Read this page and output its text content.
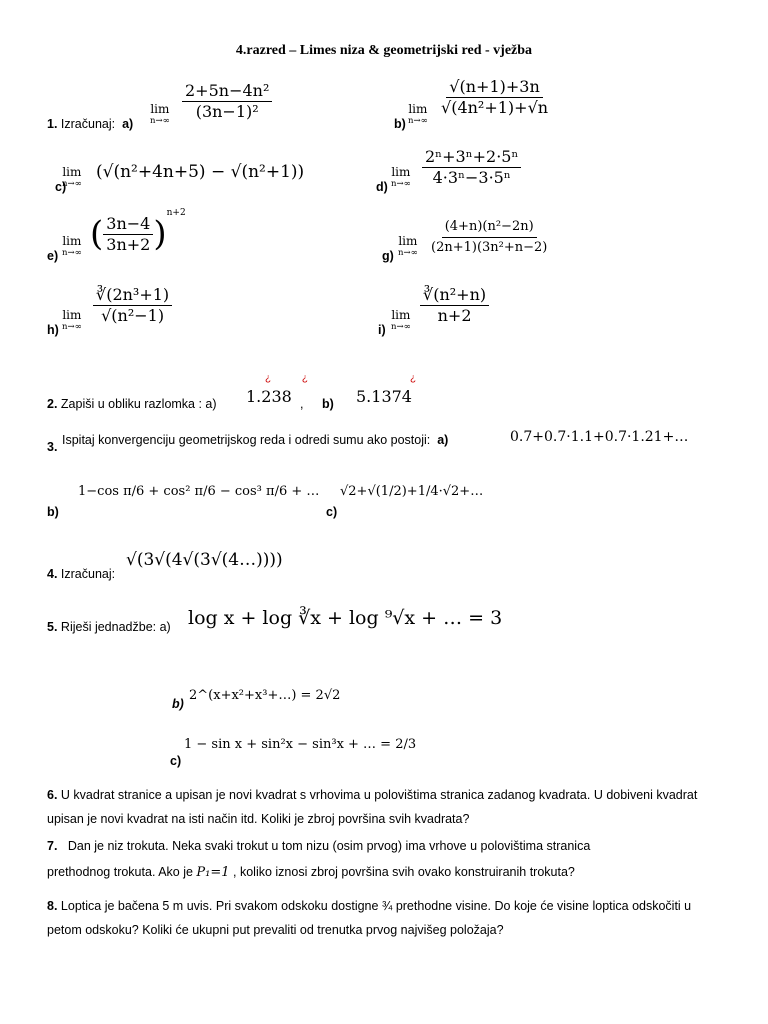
4.razred – Limes niza & geometrijski red - vježba
1. Izračunaj: a)
lim
$n\to\infty \frac{\text{2+5n−4n²}}{\text{(3n−1)²}}$
b)
lim
n→∞
$\frac{√(n+1)+3n}{\text{√(4n²+1)+√n}}$
c)
lim
n→∞
(√(n²+4n+5) − √(n²+1))
d)
lim
$n\to\infty \frac{\text{2ⁿ+3ⁿ+2·5ⁿ}}{\text{4·3ⁿ−3·5ⁿ}}$
e)
lim
n→∞ ( $\frac{3n-4}{3n+2} )^{n+2}$
g)
lim
$n\to\infty \frac{\text{(4+n)(n²−2n)}}{\text{(2n+1)(3n²+n−2)}}$
h)
lim
n→∞
$\frac{\text{∛(2n³+1)}}{\text{√(n²−1)}}$
i)
lim
n→∞
$\frac{\text{∛(n²+n)}}{n+2}$
2. Zapiši u obliku razlomka : a)
¿ ¿
1.238 , b)
¿
5.1374
3. Ispitaj konvergenciju geometrijskog reda i odredi sumu ako postoji: a)	0.7+0.7·1.1+0.7·1.21+…
b)
1−cos π/6 + cos² π/6 − cos³ π/6 + …
c)
√2+√(1/2)+1/4·√2+…
4. Izračunaj:
√(3√(4√(3√(4…))))
5. Riješi jednadžbe: a) log x + log ∛x + log ⁹√x + … = 3
b)
2^(x+x²+x³+…) = 2√2
c)
1 − sin x + sin²x − sin³x + … = 2/3
6. U kvadrat stranice a upisan je novi kvadrat s vrhovima u polovištima stranica zadanog kvadrata. U dobiveni kvadrat upisan je novi kvadrat na isti način itd. Koliki je zbroj površina svih kvadrata?
7. Dan je niz trokuta. Neka svaki trokut u tom nizu (osim prvog) ima vrhove u polovištima stranica
prethodnog trokuta. Ako je P₁=1 , koliko iznosi zbroj površina svih ovako konstruiranih trokuta?
8. Loptica je bačena 5 m uvis. Pri svakom odskoku dostigne ¾ prethodne visine. Do koje će visine loptica odskočiti u petom odskoku? Koliki će ukupni put prevaliti od trenutka prvog najvišeg položaja?
